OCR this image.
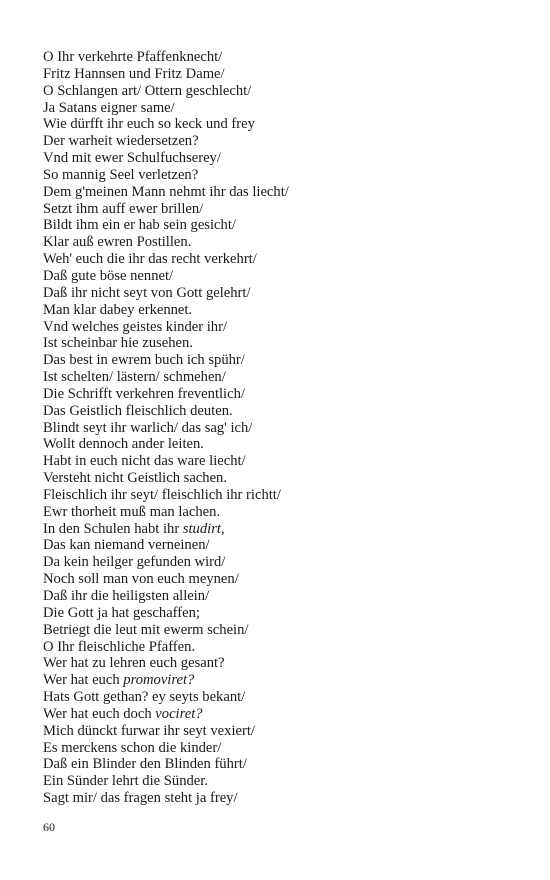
O Ihr verkehrte Pfaffenknecht/
Fritz Hannsen und Fritz Dame/
O Schlangen art/ Ottern geschlecht/
Ja Satans eigner same/
Wie dürfft ihr euch so keck und frey
Der warheit wiedersetzen?
Vnd mit ewer Schulfuchserey/
So mannig Seel verletzen?
Dem g'meinen Mann nehmt ihr das liecht/
Setzt ihm auff ewer brillen/
Bildt ihm ein er hab sein gesicht/
Klar auß ewren Postillen.
Weh' euch die ihr das recht verkehrt/
Daß gute böse nennet/
Daß ihr nicht seyt von Gott gelehrt/
Man klar dabey erkennet.
Vnd welches geistes kinder ihr/
Ist scheinbar hie zusehen.
Das best in ewrem buch ich spühr/
Ist schelten/ lästern/ schmehen/
Die Schrifft verkehren freventlich/
Das Geistlich fleischlich deuten.
Blindt seyt ihr warlich/ das sag' ich/
Wollt dennoch ander leiten.
Habt in euch nicht das ware liecht/
Versteht nicht Geistlich sachen.
Fleischlich ihr seyt/ fleischlich ihr richtt/
Ewr thorheit muß man lachen.
In den Schulen habt ihr studirt,
Das kan niemand verneinen/
Da kein heilger gefunden wird/
Noch soll man von euch meynen/
Daß ihr die heiligsten allein/
Die Gott ja hat geschaffen;
Betriegt die leut mit ewerm schein/
O Ihr fleischliche Pfaffen.
Wer hat zu lehren euch gesant?
Wer hat euch promoviret?
Hats Gott gethan? ey seyts bekant/
Wer hat euch doch vociret?
Mich dünckt furwar ihr seyt vexiert/
Es merckens schon die kinder/
Daß ein Blinder den Blinden führt/
Ein Sünder lehrt die Sünder.
Sagt mir/ das fragen steht ja frey/
60
